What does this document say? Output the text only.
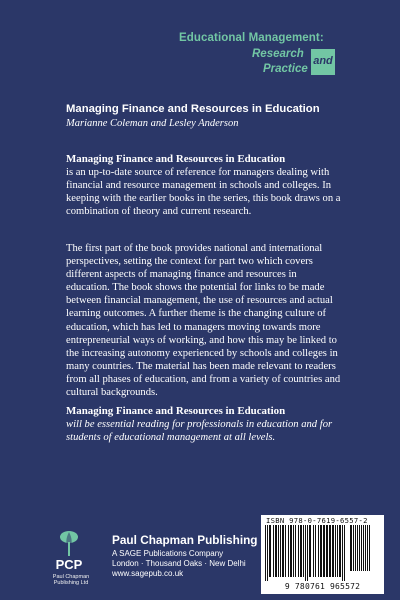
Educational Management:
Research
Practice
and
Managing Finance and Resources in Education
Marianne Coleman and Lesley Anderson
Managing Finance and Resources in Education
is an up-to-date source of reference for managers dealing with financial and resource management in schools and colleges. In keeping with the earlier books in the series, this book draws on a combination of theory and current research.
The first part of the book provides national and international perspectives, setting the context for part two which covers different aspects of managing finance and resources in education. The book shows the potential for links to be made between financial management, the use of resources and actual learning outcomes. A further theme is the changing culture of education, which has led to managers moving towards more entrepreneurial ways of working, and how this may be linked to the increasing autonomy experienced by schools and colleges in many countries. The material has been made relevant to readers from all phases of education, and from a variety of countries and cultural backgrounds.
Managing Finance and Resources in Education
will be essential reading for professionals in education and for students of educational management at all levels.
PCP
Paul Chapman
Publishing Ltd
Paul Chapman Publishing
A SAGE Publications Company
London · Thousand Oaks · New Delhi
www.sagepub.co.uk
ISBN 978-0-7619-6557-2
9 780761 965572
